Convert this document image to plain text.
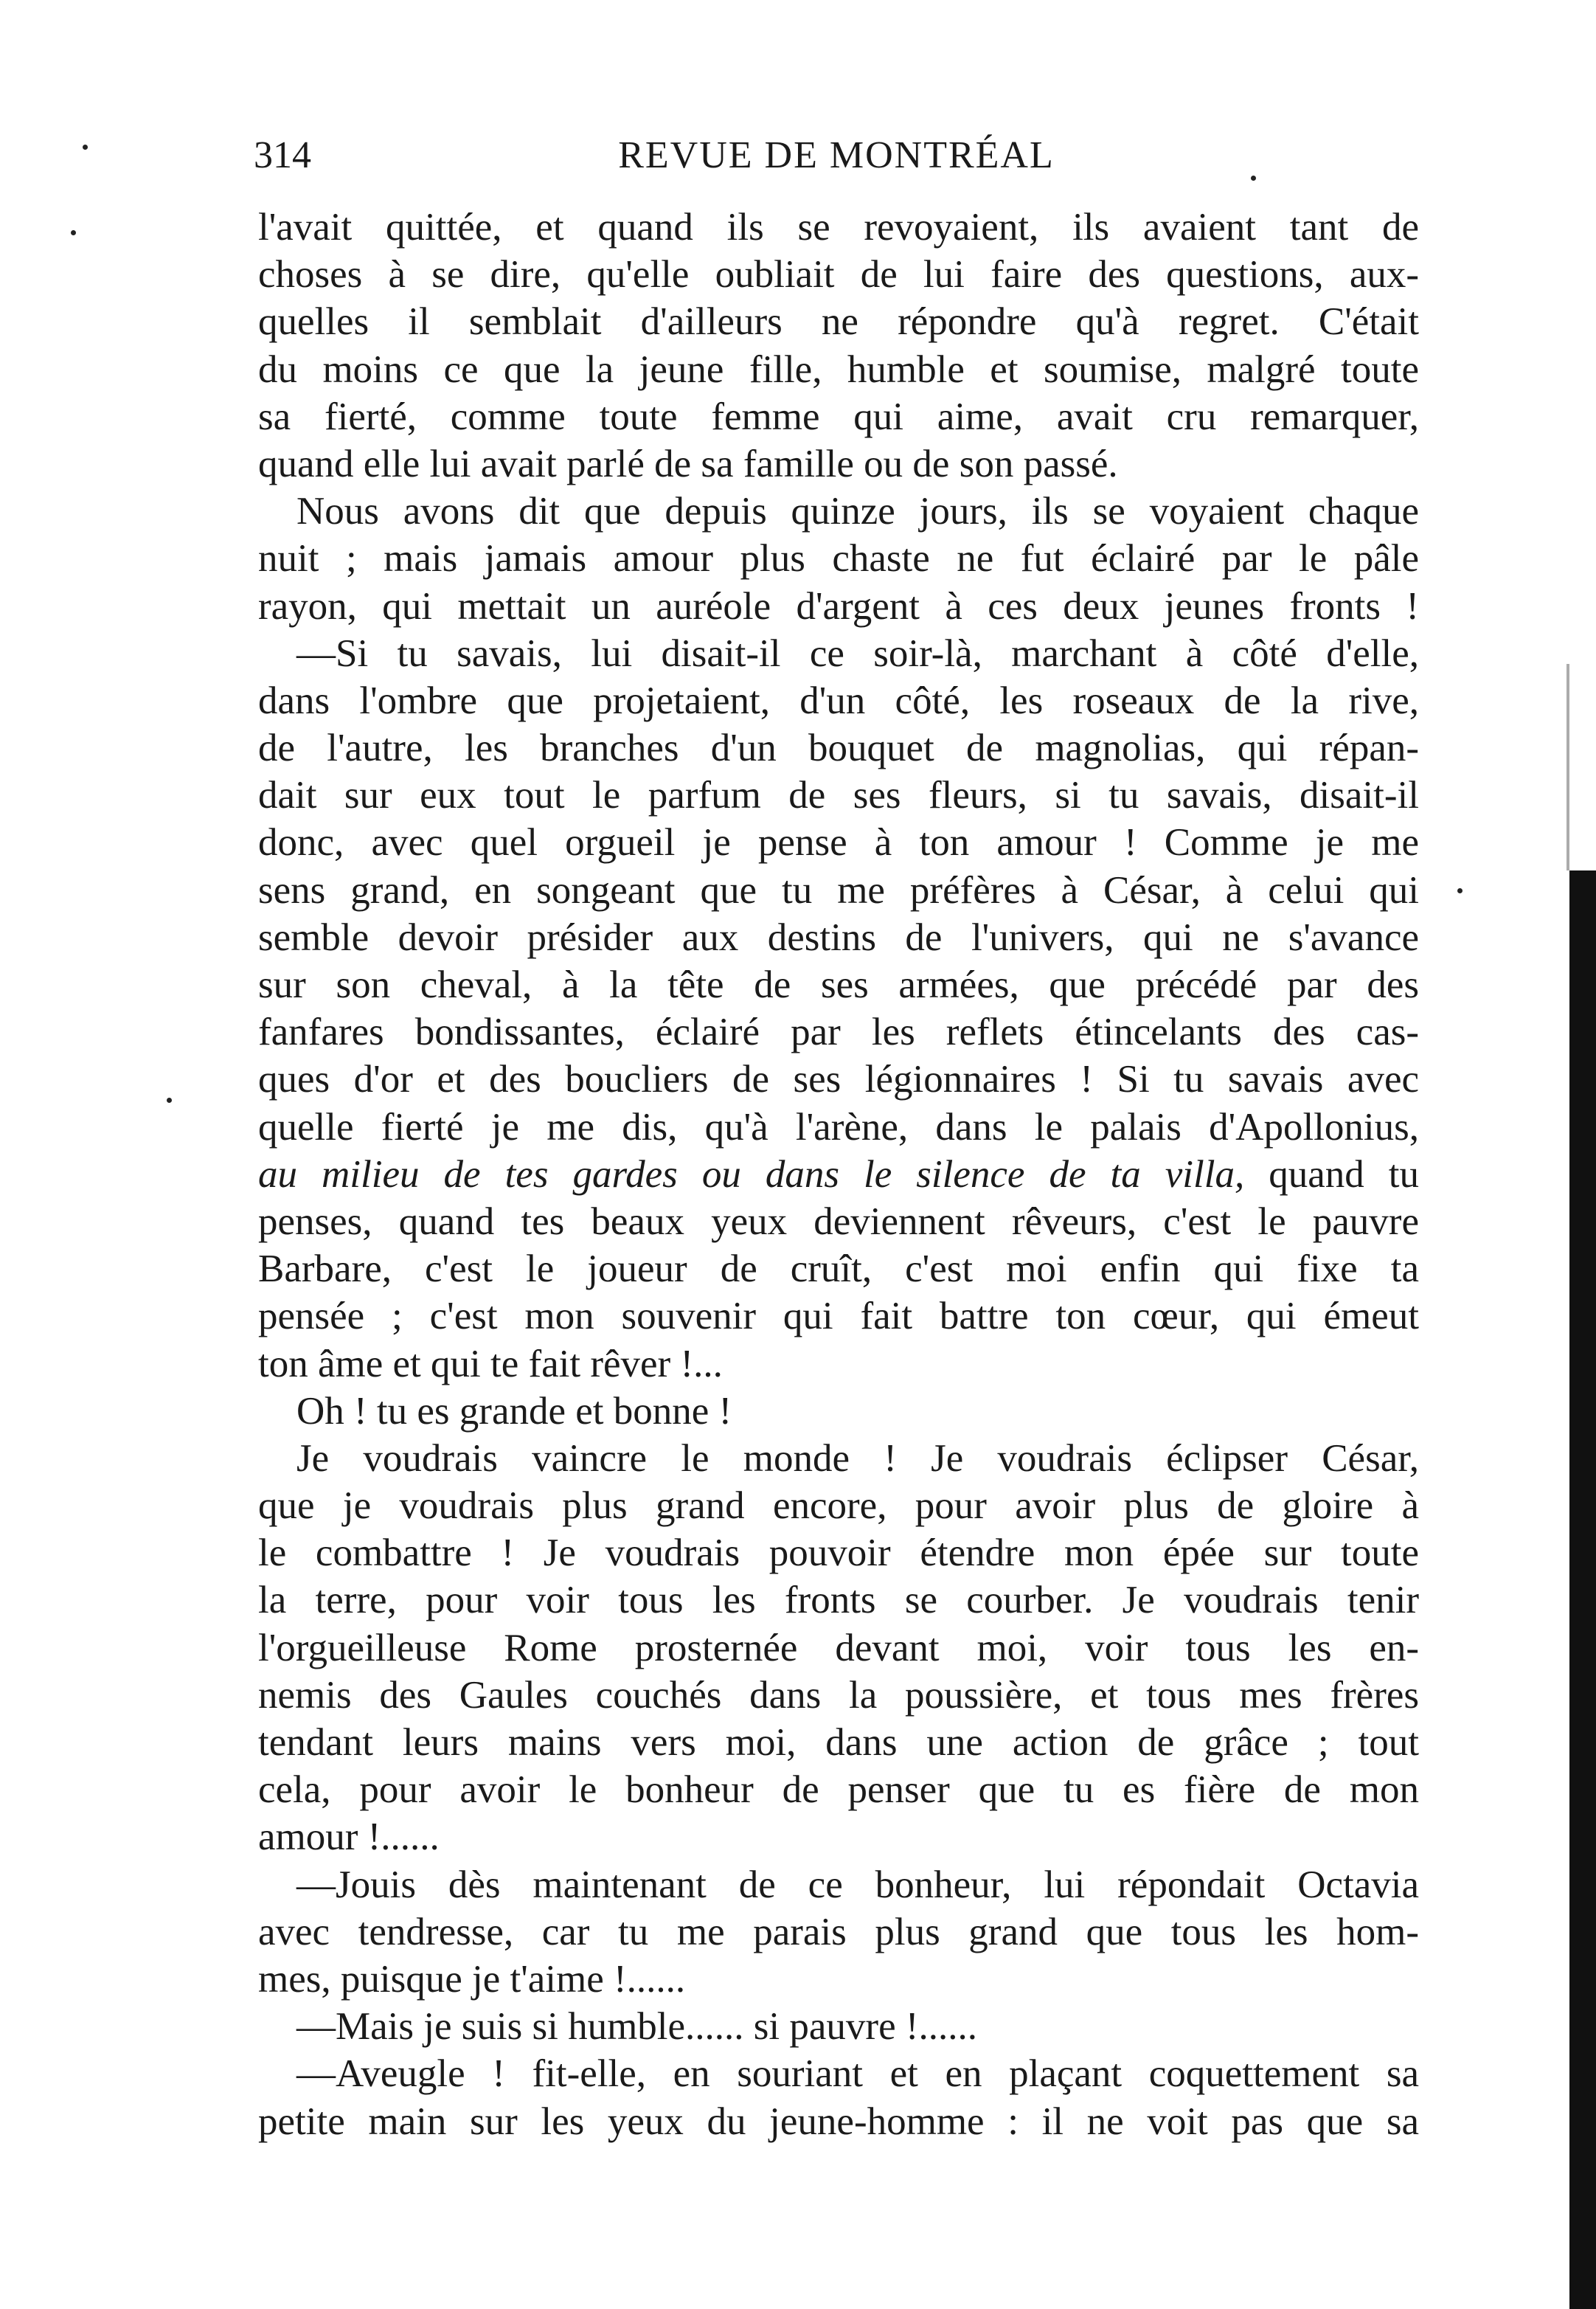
314	REVUE DE MONTRÉAL
l'avait quittée, et quand ils se revoyaient, ils avaient tant de
choses à se dire, qu'elle oubliait de lui faire des questions, aux-
quelles il semblait d'ailleurs ne répondre qu'à regret. C'était
du moins ce que la jeune fille, humble et soumise, malgré toute
sa fierté, comme toute femme qui aime, avait cru remarquer,
quand elle lui avait parlé de sa famille ou de son passé.
Nous avons dit que depuis quinze jours, ils se voyaient chaque
nuit ; mais jamais amour plus chaste ne fut éclairé par le pâle
rayon, qui mettait un auréole d'argent à ces deux jeunes fronts !
—Si tu savais, lui disait-il ce soir-là, marchant à côté d'elle,
dans l'ombre que projetaient, d'un côté, les roseaux de la rive,
de l'autre, les branches d'un bouquet de magnolias, qui répan-
dait sur eux tout le parfum de ses fleurs, si tu savais, disait-il
donc, avec quel orgueil je pense à ton amour ! Comme je me
sens grand, en songeant que tu me préfères à César, à celui qui
semble devoir présider aux destins de l'univers, qui ne s'avance
sur son cheval, à la tête de ses armées, que précédé par des
fanfares bondissantes, éclairé par les reflets étincelants des cas-
ques d'or et des boucliers de ses légionnaires ! Si tu savais avec
quelle fierté je me dis, qu'à l'arène, dans le palais d'Apollonius,
au milieu de tes gardes ou dans le silence de ta villa, quand tu
penses, quand tes beaux yeux deviennent rêveurs, c'est le pauvre
Barbare, c'est le joueur de cruît, c'est moi enfin qui fixe ta
pensée ; c'est mon souvenir qui fait battre ton cœur, qui émeut
ton âme et qui te fait rêver !...
Oh ! tu es grande et bonne !
Je voudrais vaincre le monde ! Je voudrais éclipser César,
que je voudrais plus grand encore, pour avoir plus de gloire à
le combattre ! Je voudrais pouvoir étendre mon épée sur toute
la terre, pour voir tous les fronts se courber. Je voudrais tenir
l'orgueilleuse Rome prosternée devant moi, voir tous les en-
nemis des Gaules couchés dans la poussière, et tous mes frères
tendant leurs mains vers moi, dans une action de grâce ; tout
cela, pour avoir le bonheur de penser que tu es fière de mon
amour !......
—Jouis dès maintenant de ce bonheur, lui répondait Octavia
avec tendresse, car tu me parais plus grand que tous les hom-
mes, puisque je t'aime !......
—Mais je suis si humble...... si pauvre !......
—Aveugle ! fit-elle, en souriant et en plaçant coquettement sa
petite main sur les yeux du jeune-homme : il ne voit pas que sa
